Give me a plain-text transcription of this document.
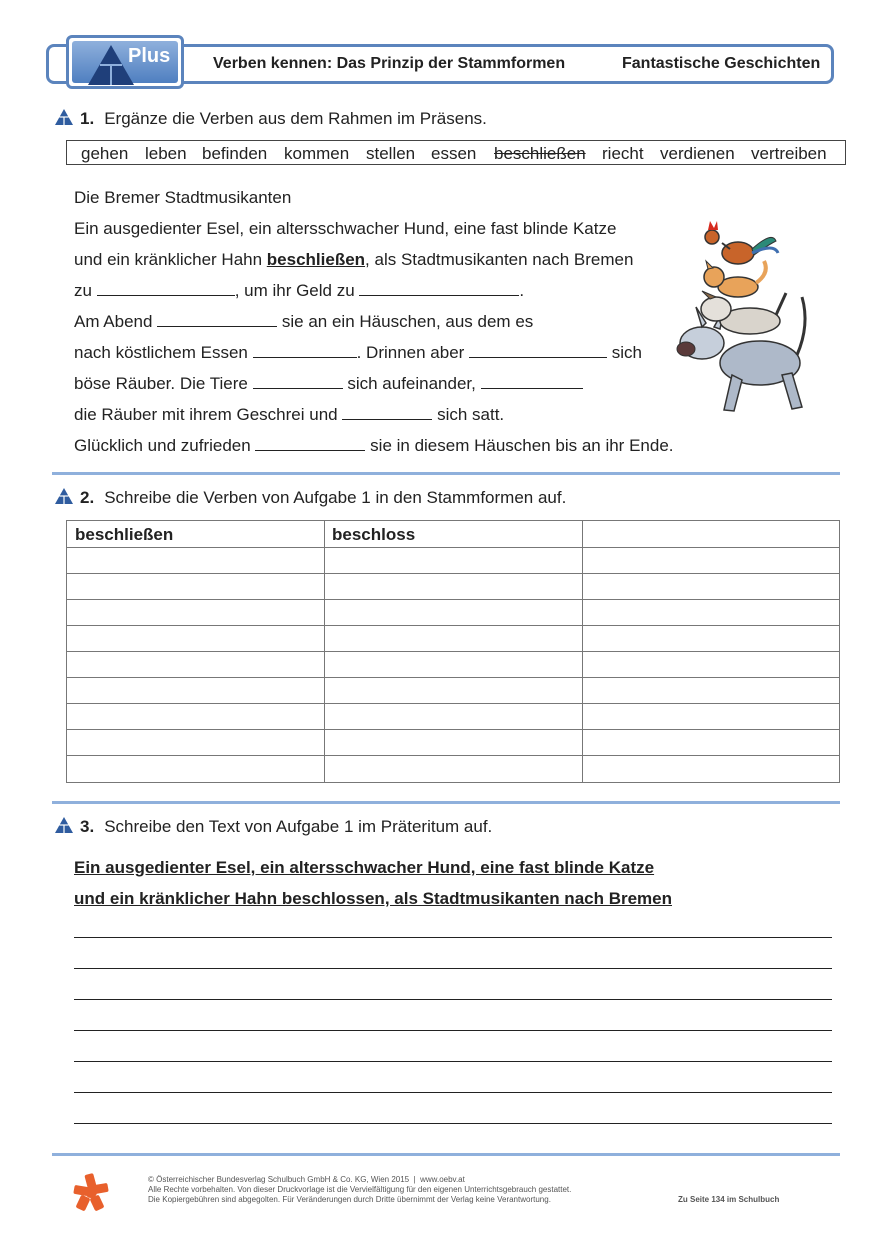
Plus	Verben kennen: Das Prinzip der Stammformen	Fantastische Geschichten
1. Ergänze die Verben aus dem Rahmen im Präsens.
gehen leben befinden kommen stellen essen beschließen riecht verdienen vertreiben
Die Bremer Stadtmusikanten
Ein ausgedienter Esel, ein altersschwacher Hund, eine fast blinde Katze
und ein kränklicher Hahn beschließen, als Stadtmusikanten nach Bremen
zu	, um ihr Geld zu	.
Am Abend	sie an ein Häuschen, aus dem es
nach köstlichem Essen	. Drinnen aber	sich
böse Räuber. Die Tiere	sich aufeinander,
die Räuber mit ihrem Geschrei und	sich satt.
Glücklich und zufrieden	sie in diesem Häuschen bis an ihr Ende.
2. Schreibe die Verben von Aufgabe 1 in den Stammformen auf.
beschließen	beschloss
3. Schreibe den Text von Aufgabe 1 im Präteritum auf.
Ein ausgedienter Esel, ein altersschwacher Hund, eine fast blinde Katze
und ein kränklicher Hahn beschlossen, als Stadtmusikanten nach Bremen
© Österreichischer Bundesverlag Schulbuch GmbH & Co. KG, Wien 2015  |  www.oebv.at
Alle Rechte vorbehalten. Von dieser Druckvorlage ist die Vervielfältigung für den eigenen Unterrichtsgebrauch gestattet.
Die Kopiergebühren sind abgegolten. Für Veränderungen durch Dritte übernimmt der Verlag keine Verantwortung.	Zu Seite 134 im Schulbuch
